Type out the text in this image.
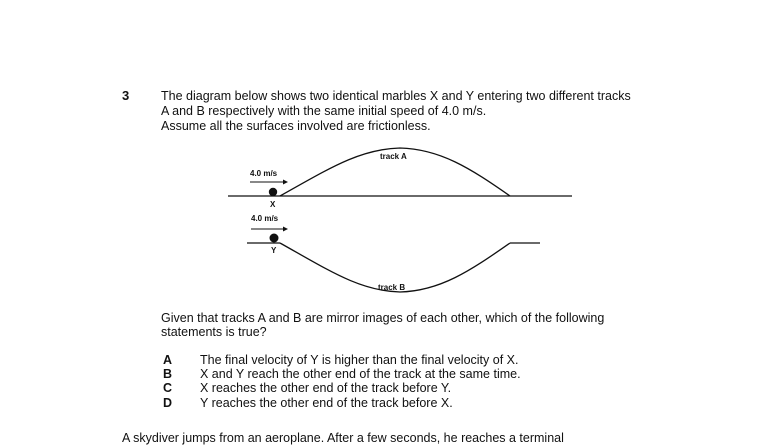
3	The diagram below shows two identical marbles X and Y entering two different tracks
A and B respectively with the same initial speed of 4.0 m/s.
Assume all the surfaces involved are frictionless.
4.0 m/s
X
4.0 m/s
Y
track A
track B
Given that tracks A and B are mirror images of each other, which of the following
statements is true?
A The final velocity of Y is higher than the final velocity of X.
B X and Y reach the other end of the track at the same time.
C X reaches the other end of the track before Y.
D Y reaches the other end of the track before X.
A skydiver jumps from an aeroplane. After a few seconds, he reaches a terminal
